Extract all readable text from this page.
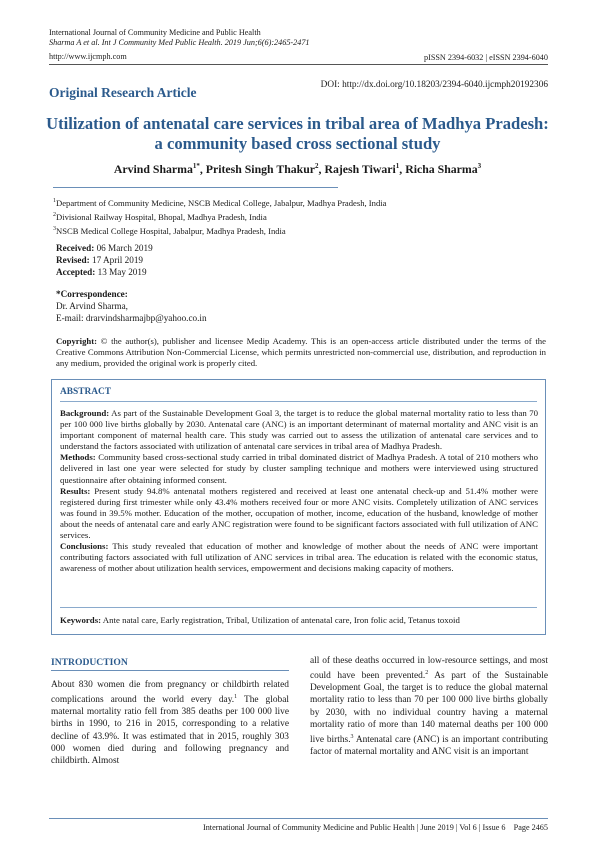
International Journal of Community Medicine and Public Health
Sharma A et al. Int J Community Med Public Health. 2019 Jun;6(6):2465-2471
http://www.ijcmph.com	pISSN 2394-6032 | eISSN 2394-6040
DOI: http://dx.doi.org/10.18203/2394-6040.ijcmph20192306
Original Research Article
Utilization of antenatal care services in tribal area of Madhya Pradesh:
a community based cross sectional study
Arvind Sharma$^{1*}$, Pritesh Singh Thakur$^2$, Rajesh Tiwari$^1$, Richa Sharma$^3$
$^1$Department of Community Medicine, NSCB Medical College, Jabalpur, Madhya Pradesh, India
$^2$Divisional Railway Hospital, Bhopal, Madhya Pradesh, India
$^3$NSCB Medical College Hospital, Jabalpur, Madhya Pradesh, India
Received: 06 March 2019
Revised: 17 April 2019
Accepted: 13 May 2019
*Correspondence:
Dr. Arvind Sharma,
E-mail: drarvindsharmajbp@yahoo.co.in
Copyright: © the author(s), publisher and licensee Medip Academy. This is an open-access article distributed under the terms of the Creative Commons Attribution Non-Commercial License, which permits unrestricted non-commercial use, distribution, and reproduction in any medium, provided the original work is properly cited.
ABSTRACT
Background: As part of the Sustainable Development Goal 3, the target is to reduce the global maternal mortality ratio to less than 70 per 100 000 live births globally by 2030. Antenatal care (ANC) is an important determinant of maternal mortality and ANC visit is an important component of maternal health care. This study was carried out to assess the utilization of antenatal care services and to understand the factors associated with utilization of antenatal care services in tribal area of Madhya Pradesh.
Methods: Community based cross-sectional study carried in tribal dominated district of Madhya Pradesh. A total of 210 mothers who delivered in last one year were selected for study by cluster sampling technique and mothers were interviewed using structured questionnaire after obtaining informed consent.
Results: Present study 94.8% antenatal mothers registered and received at least one antenatal check-up and 51.4% mother were registered during first trimester while only 43.4% mothers received four or more ANC visits. Completely utilization of ANC services was found in 39.5% mother. Education of the mother, occupation of mother, income, education of the husband, knowledge of mother about the needs of antenatal care and early ANC registration were found to be significant factors associated with full utilization of ANC services.
Conclusions: This study revealed that education of mother and knowledge of mother about the needs of ANC were important contributing factors associated with full utilization of ANC services in tribal area. The education is related with the economic status, awareness of mother about utilization health services, empowerment and decisions making capacity of mothers.
Keywords: Ante natal care, Early registration, Tribal, Utilization of antenatal care, Iron folic acid, Tetanus toxoid
INTRODUCTION
About 830 women die from pregnancy or childbirth related complications around the world every day.$^1$ The global maternal mortality ratio fell from 385 deaths per 100 000 live births in 1990, to 216 in 2015, corresponding to a relative decline of 43.9%. It was estimated that in 2015, roughly 303 000 women died during and following pregnancy and childbirth. Almost
all of these deaths occurred in low-resource settings, and most could have been prevented.$^2$ As part of the Sustainable Development Goal, the target is to reduce the global maternal mortality ratio to less than 70 per 100 000 live births globally by 2030, with no individual country having a maternal mortality ratio of more than 140 maternal deaths per 100 000 live births.$^3$ Antenatal care (ANC) is an important contributing factor of maternal mortality and ANC visit is an important
International Journal of Community Medicine and Public Health | June 2019 | Vol 6 | Issue 6    Page 2465
